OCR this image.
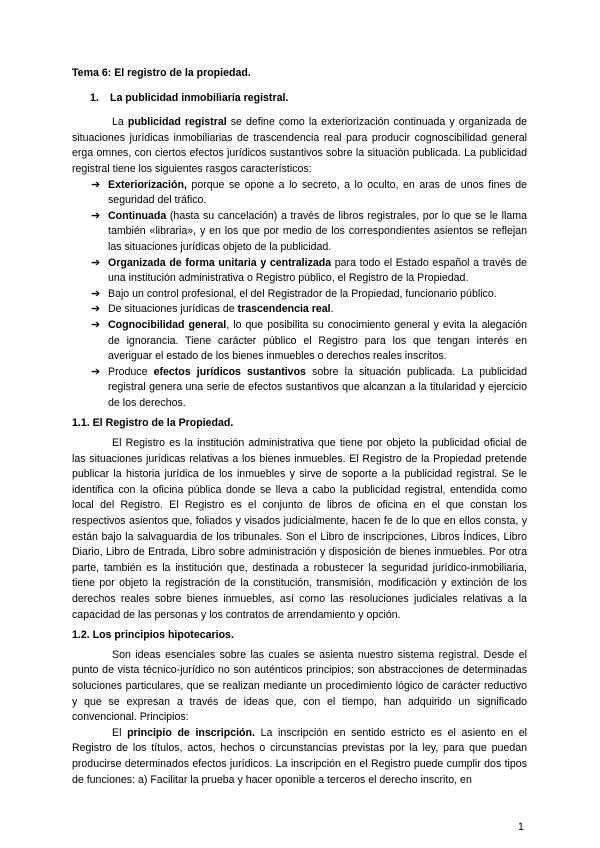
Tema 6: El registro de la propiedad.
1. La publicidad inmobiliaria registral.

La publicidad registral se define como la exteriorización continuada y organizada de situaciones jurídicas inmobiliarias de trascendencia real para producir cognoscibilidad general erga omnes, con ciertos efectos jurídicos sustantivos sobre la situación publicada. La publicidad registral tiene los siguientes rasgos característicos:

➔ Exteriorización, porque se opone a lo secreto, a lo oculto, en aras de unos fines de seguridad del tráfico.
➔ Continuada (hasta su cancelación) a través de libros registrales, por lo que se le llama también «libraria», y en los que por medio de los correspondientes asientos se reflejan las situaciones jurídicas objeto de la publicidad.
➔ Organizada de forma unitaria y centralizada para todo el Estado español a través de una institución administrativa o Registro público, el Registro de la Propiedad.
➔ Bajo un control profesional, el del Registrador de la Propiedad, funcionario público.
➔ De situaciones jurídicas de trascendencia real.
➔ Cognocibilidad general, lo que posibilita su conocimiento general y evita la alegación de ignorancia. Tiene carácter público el Registro para los que tengan interés en averiguar el estado de los bienes inmuebles o derechos reales inscritos.
➔ Produce efectos jurídicos sustantivos sobre la situación publicada. La publicidad registral genera una serie de efectos sustantivos que alcanzan a la titularidad y ejercicio de los derechos.
1.1. El Registro de la Propiedad.

El Registro es la institución administrativa que tiene por objeto la publicidad oficial de las situaciones jurídicas relativas a los bienes inmuebles. El Registro de la Propiedad pretende publicar la historia jurídica de los inmuebles y sirve de soporte a la publicidad registral. Se le identifica con la oficina pública donde se lleva a cabo la publicidad registral, entendida como local del Registro. El Registro es el conjunto de libros de oficina en el que constan los respectivos asientos que, foliados y visados judicialmente, hacen fe de lo que en ellos consta, y están bajo la salvaguardia de los tribunales. Son el Libro de inscripciones, Libros Índices, Libro Diario, Libro de Entrada, Libro sobre administración y disposición de bienes inmuebles. Por otra parte, también es la institución que, destinada a robustecer la seguridad jurídico-inmobiliaria, tiene por objeto la registración de la constitución, transmisión, modificación y extinción de los derechos reales sobre bienes inmuebles, así como las resoluciones judiciales relativas a la capacidad de las personas y los contratos de arrendamiento y opción.

1.2. Los principios hipotecarios.

Son ideas esenciales sobre las cuales se asienta nuestro sistema registral. Desde el punto de vista técnico-jurídico no son auténticos principios; son abstracciones de determinadas soluciones particulares, que se realizan mediante un procedimiento lógico de carácter reductivo y que se expresan a través de ideas que, con el tiempo, han adquirido un significado convencional. Principios:

El principio de inscripción. La inscripción en sentido estricto es el asiento en el Registro de los títulos, actos, hechos o circunstancias previstas por la ley, para que puedan producirse determinados efectos jurídicos. La inscripción en el Registro puede cumplir dos tipos de funciones: a) Facilitar la prueba y hacer oponible a terceros el derecho inscrito, en

1
